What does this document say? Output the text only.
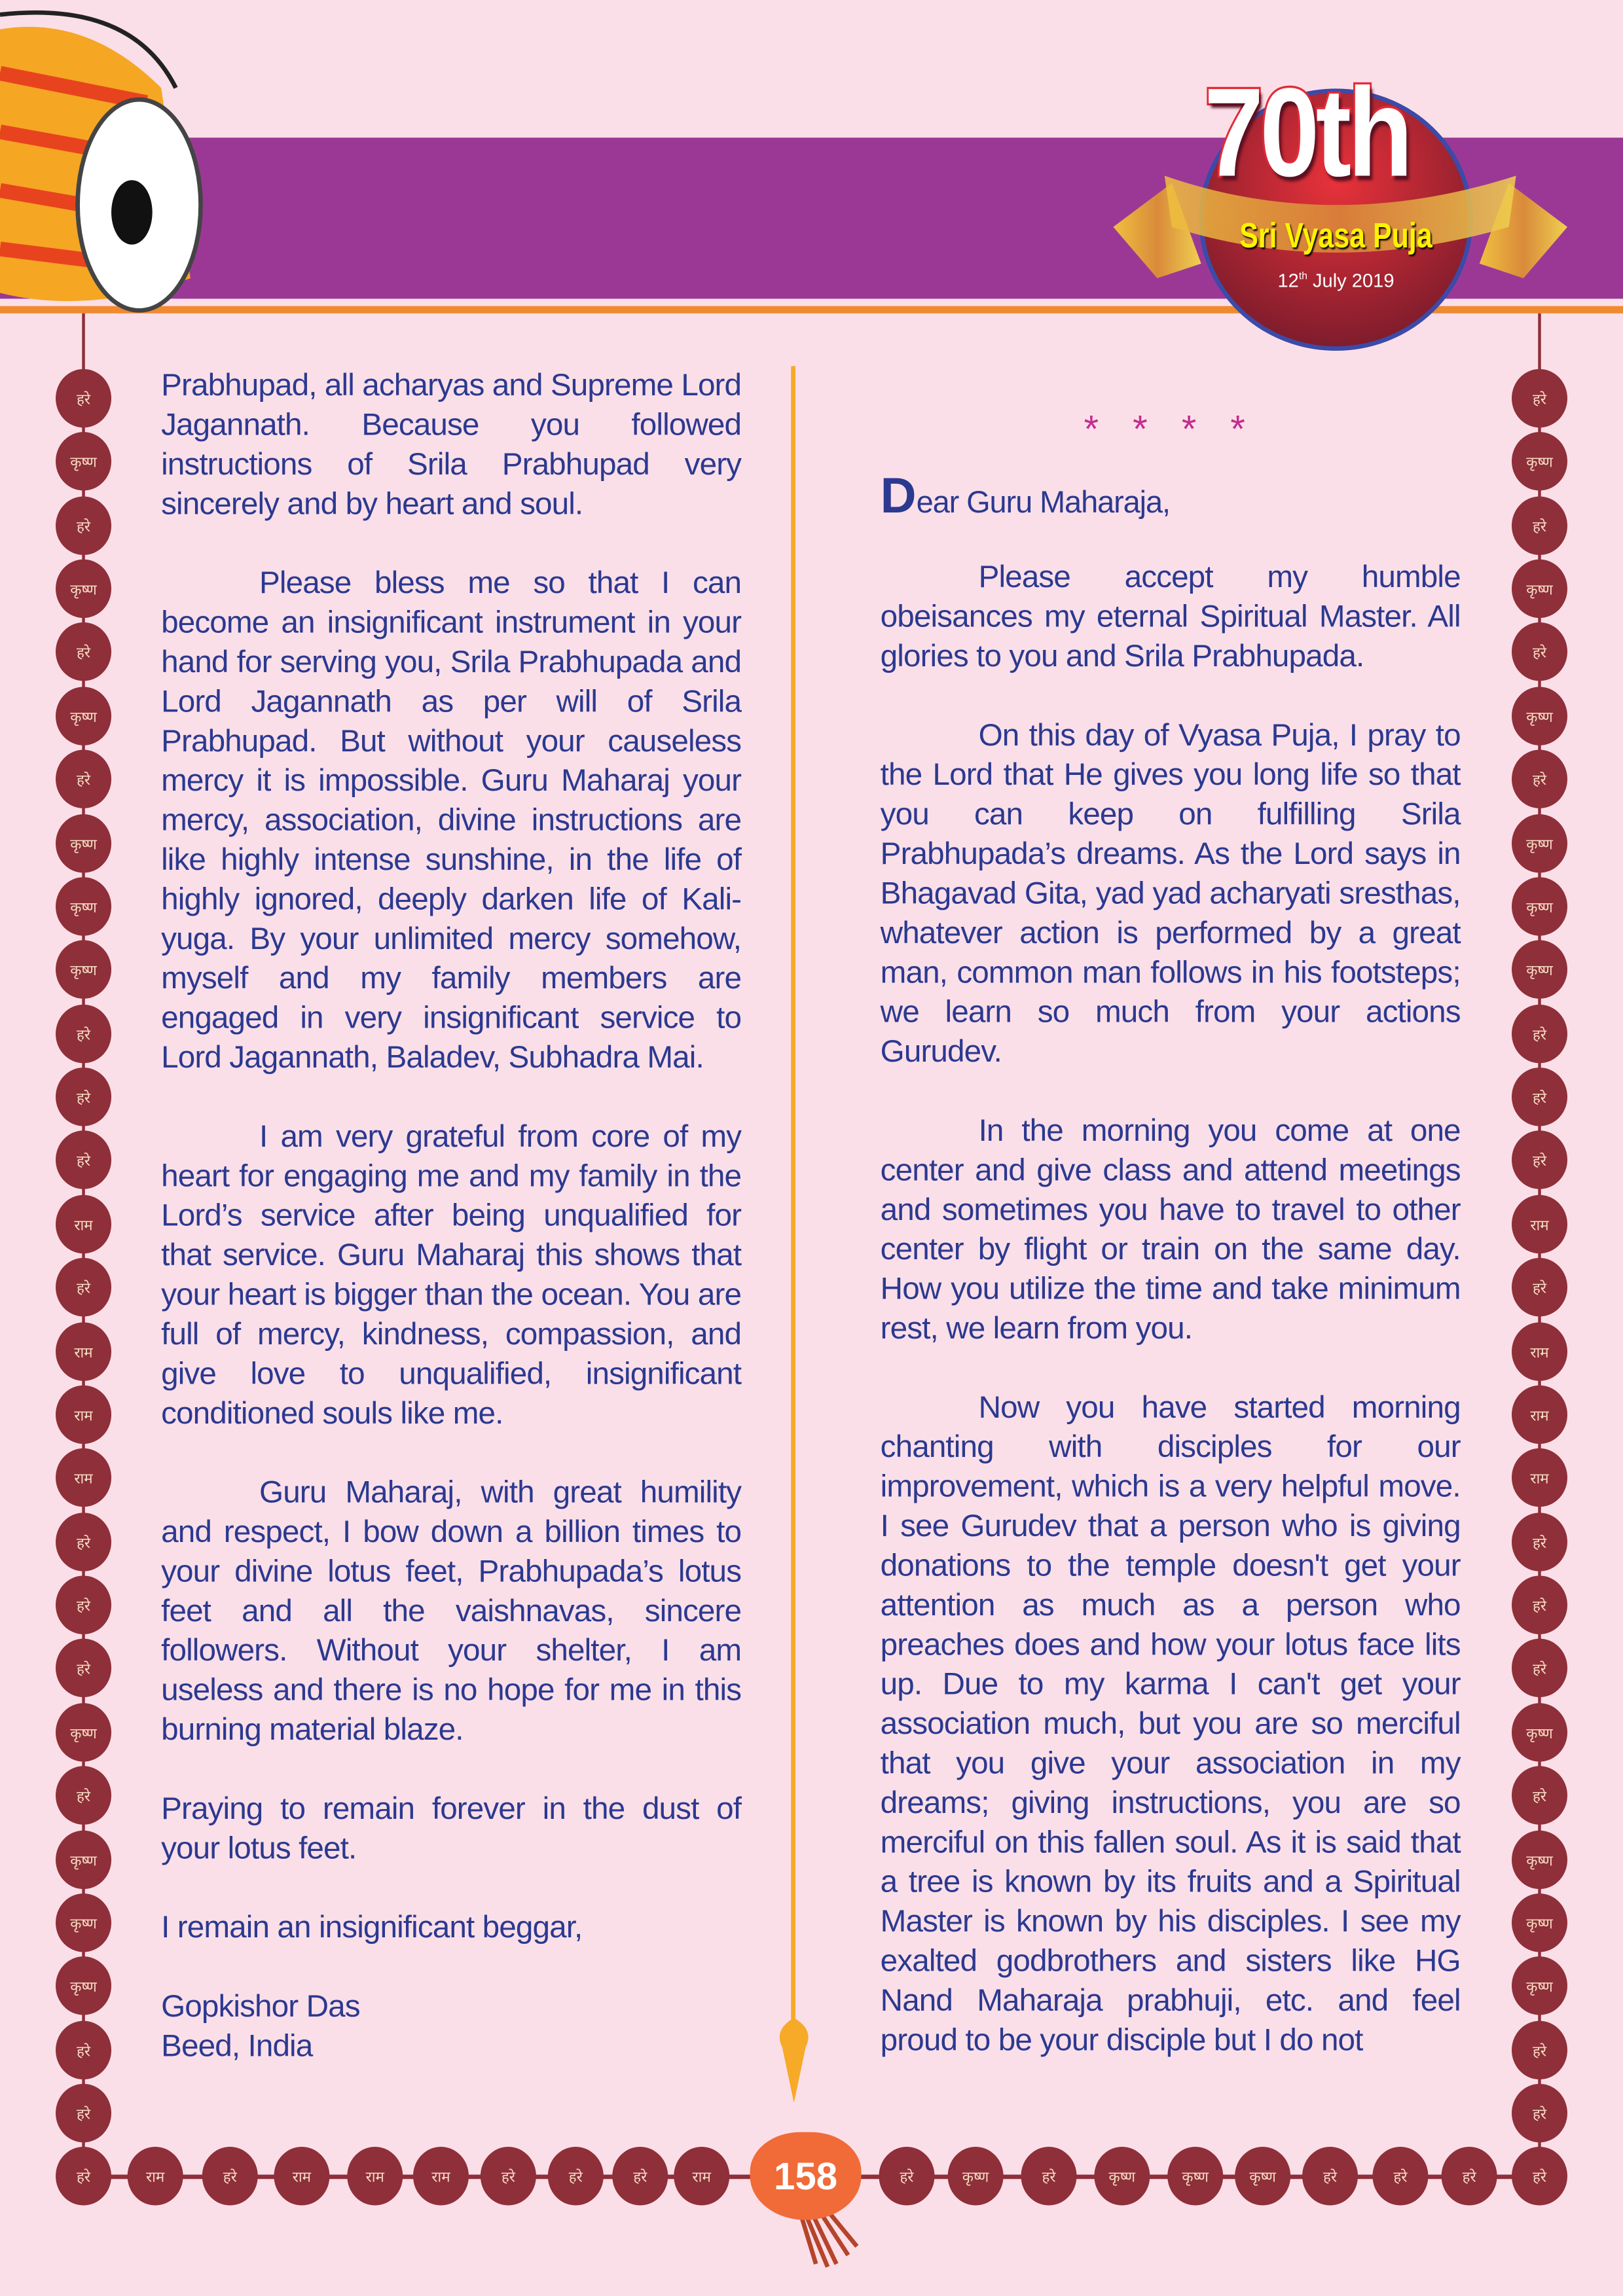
70th
Sri Vyasa Puja
12th July 2019

Prabhupad, all acharyas and Supreme Lord Jagannath. Because you followed instructions of Srila Prabhupad very sincerely and by heart and soul.

Please bless me so that I can become an insignificant instrument in your hand for serving you, Srila Prabhupada and Lord Jagannath as per will of Srila Prabhupad. But without your causeless mercy it is impossible. Guru Maharaj your mercy, association, divine instructions are like highly intense sunshine, in the life of highly ignored, deeply darken life of Kali-yuga. By your unlimited mercy somehow, myself and my family members are engaged in very insignificant service to Lord Jagannath, Baladev, Subhadra Mai.

I am very grateful from core of my heart for engaging me and my family in the Lord’s service after being unqualified for that service. Guru Maharaj this shows that your heart is bigger than the ocean. You are full of mercy, kindness, compassion, and give love to unqualified, insignificant conditioned souls like me.

Guru Maharaj, with great humility and respect, I bow down a billion times to your divine lotus feet, Prabhupada’s lotus feet and all the vaishnavas, sincere followers. Without your shelter, I am useless and there is no hope for me in this burning material blaze.

Praying to remain forever in the dust of your lotus feet.

I remain an insignificant beggar,

Gopkishor Das

Beed, India

* * * *
Dear Guru Maharaja,

Please accept my humble obeisances my eternal Spiritual Master. All glories to you and Srila Prabhupada.

On this day of Vyasa Puja, I pray to the Lord that He gives you long life so that you can keep on fulfilling Srila Prabhupada’s dreams. As the Lord says in Bhagavad Gita, yad yad acharyati sresthas, whatever action is performed by a great man, common man follows in his footsteps; we learn so much from your actions Gurudev.

In the morning you come at one center and give class and attend meetings and sometimes you have to travel to other center by flight or train on the same day. How you utilize the time and take minimum rest, we learn from you.

Now you have started morning chanting with disciples for our improvement, which is a very helpful move. I see Gurudev that a person who is giving donations to the temple doesn't get your attention as much as a person who preaches does and how your lotus face lits up. Due to my karma I can't get your association much, but you are so merciful that you give your association in my dreams; giving instructions, you are so merciful on this fallen soul. As it is said that a tree is known by its fruits and a Spiritual Master is known by his disciples. I see my exalted godbrothers and sisters like HG Nand Maharaja prabhuji, etc. and feel proud to be your disciple but I do not

हरे	हरे
कृष्ण	कृष्ण
हरे	हरे
कृष्ण	कृष्ण
हरे	हरे
कृष्ण	कृष्ण
हरे	हरे
कृष्ण	कृष्ण
कृष्ण	कृष्ण
कृष्ण	कृष्ण
हरे	हरे
हरे	हरे
हरे	हरे
राम	राम
हरे	हरे
राम	राम
राम	राम
राम	राम
हरे	हरे
हरे	हरे
हरे	हरे
कृष्ण	कृष्ण
हरे	हरे
कृष्ण	कृष्ण
कृष्ण	कृष्ण
कृष्ण	कृष्ण
हरे	हरे
हरे	हरे
हरे	राम	हरे	राम	राम	राम	हरे	हरे	हरे	राम	हरे	कृष्ण	हरे	कृष्ण	कृष्ण	कृष्ण	हरे	हरे	हरे	हरे
158
